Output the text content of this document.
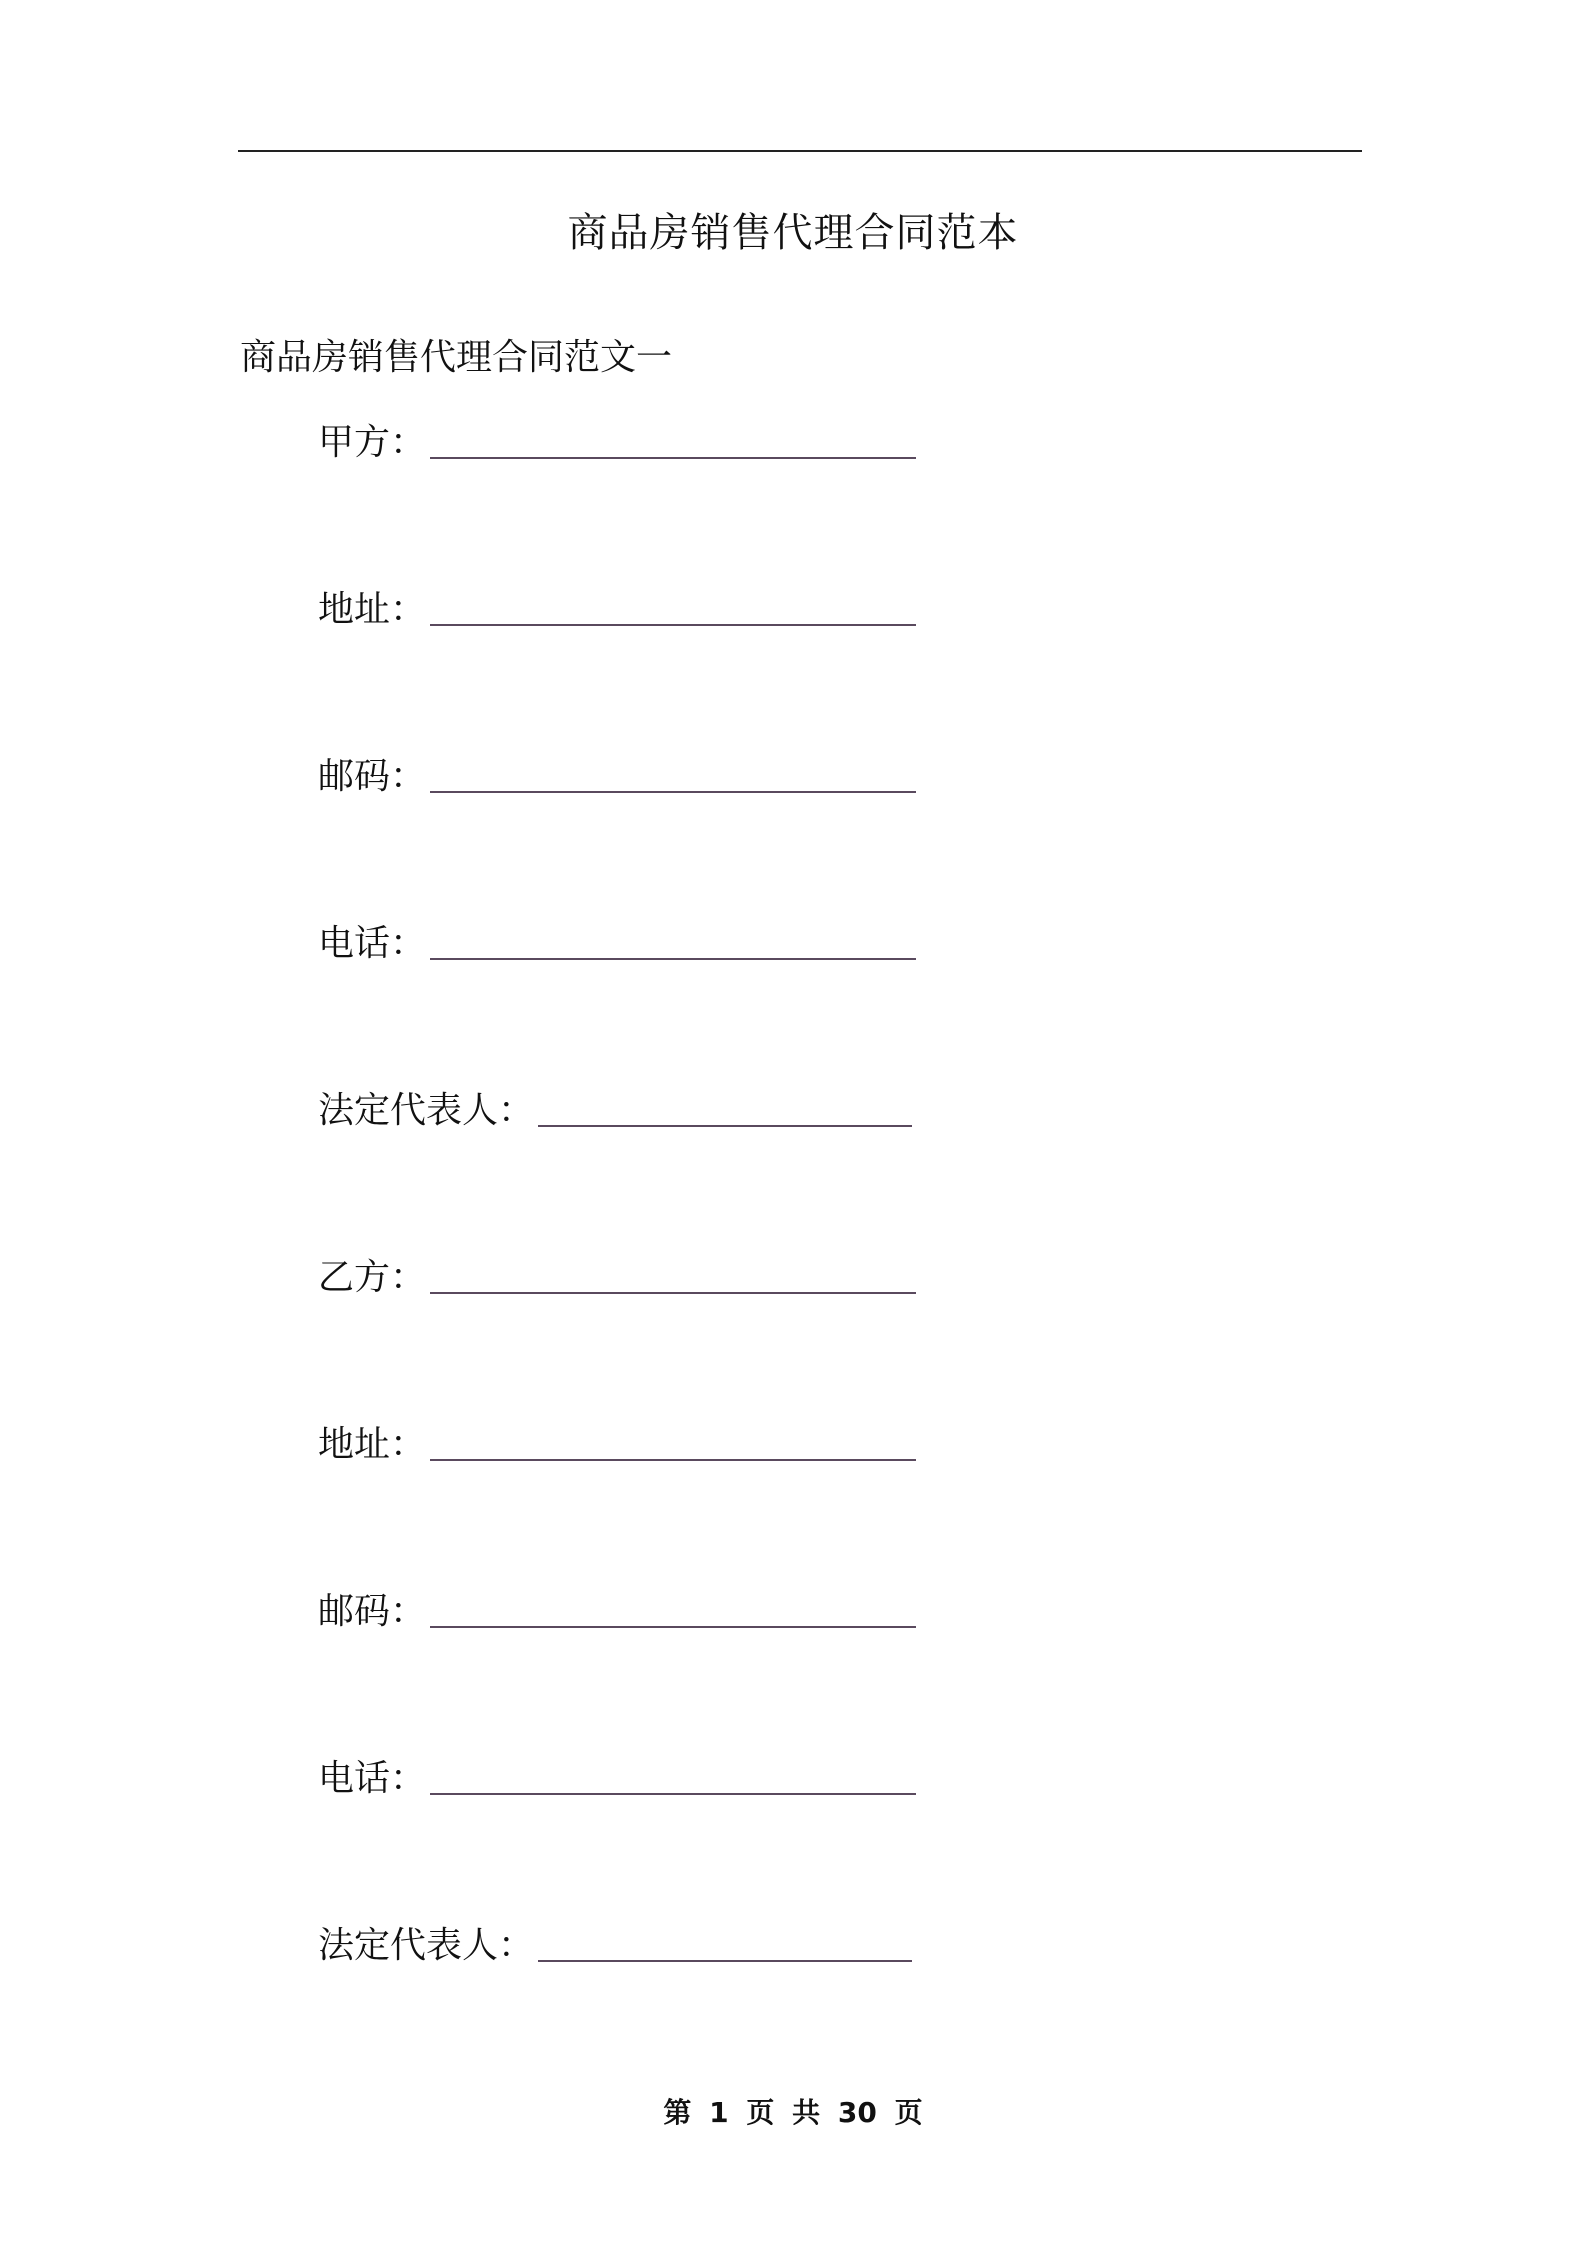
商品房销售代理合同范本
商品房销售代理合同范文一
甲方：
地址：
邮码：
电话：
法定代表人：
乙方：
地址：
邮码：
电话：
法定代表人：
第 1 页 共 30 页
